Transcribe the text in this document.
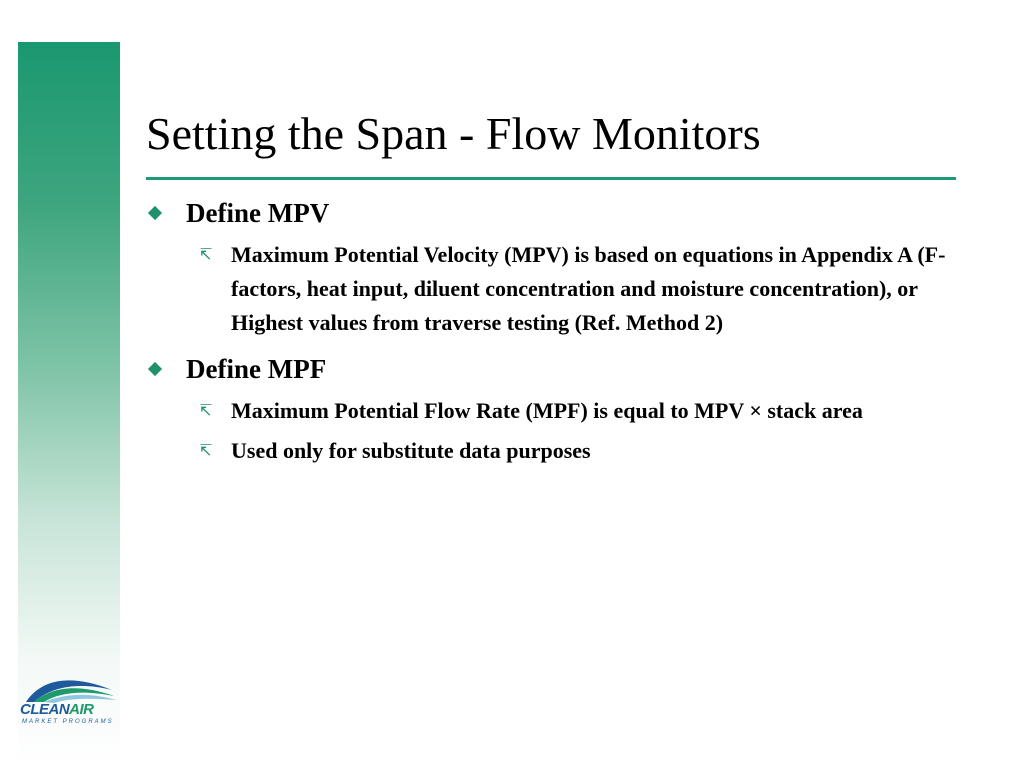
Setting the Span - Flow Monitors
Define MPV
↸ Maximum Potential Velocity (MPV) is based on equations in Appendix A (F-factors, heat input, diluent concentration and moisture concentration), or Highest values from traverse testing (Ref. Method 2)
Define MPF
↸ Maximum Potential Flow Rate (MPF) is equal to MPV × stack area
↸ Used only for substitute data purposes
CLEANAIR
MARKET PROGRAMS
